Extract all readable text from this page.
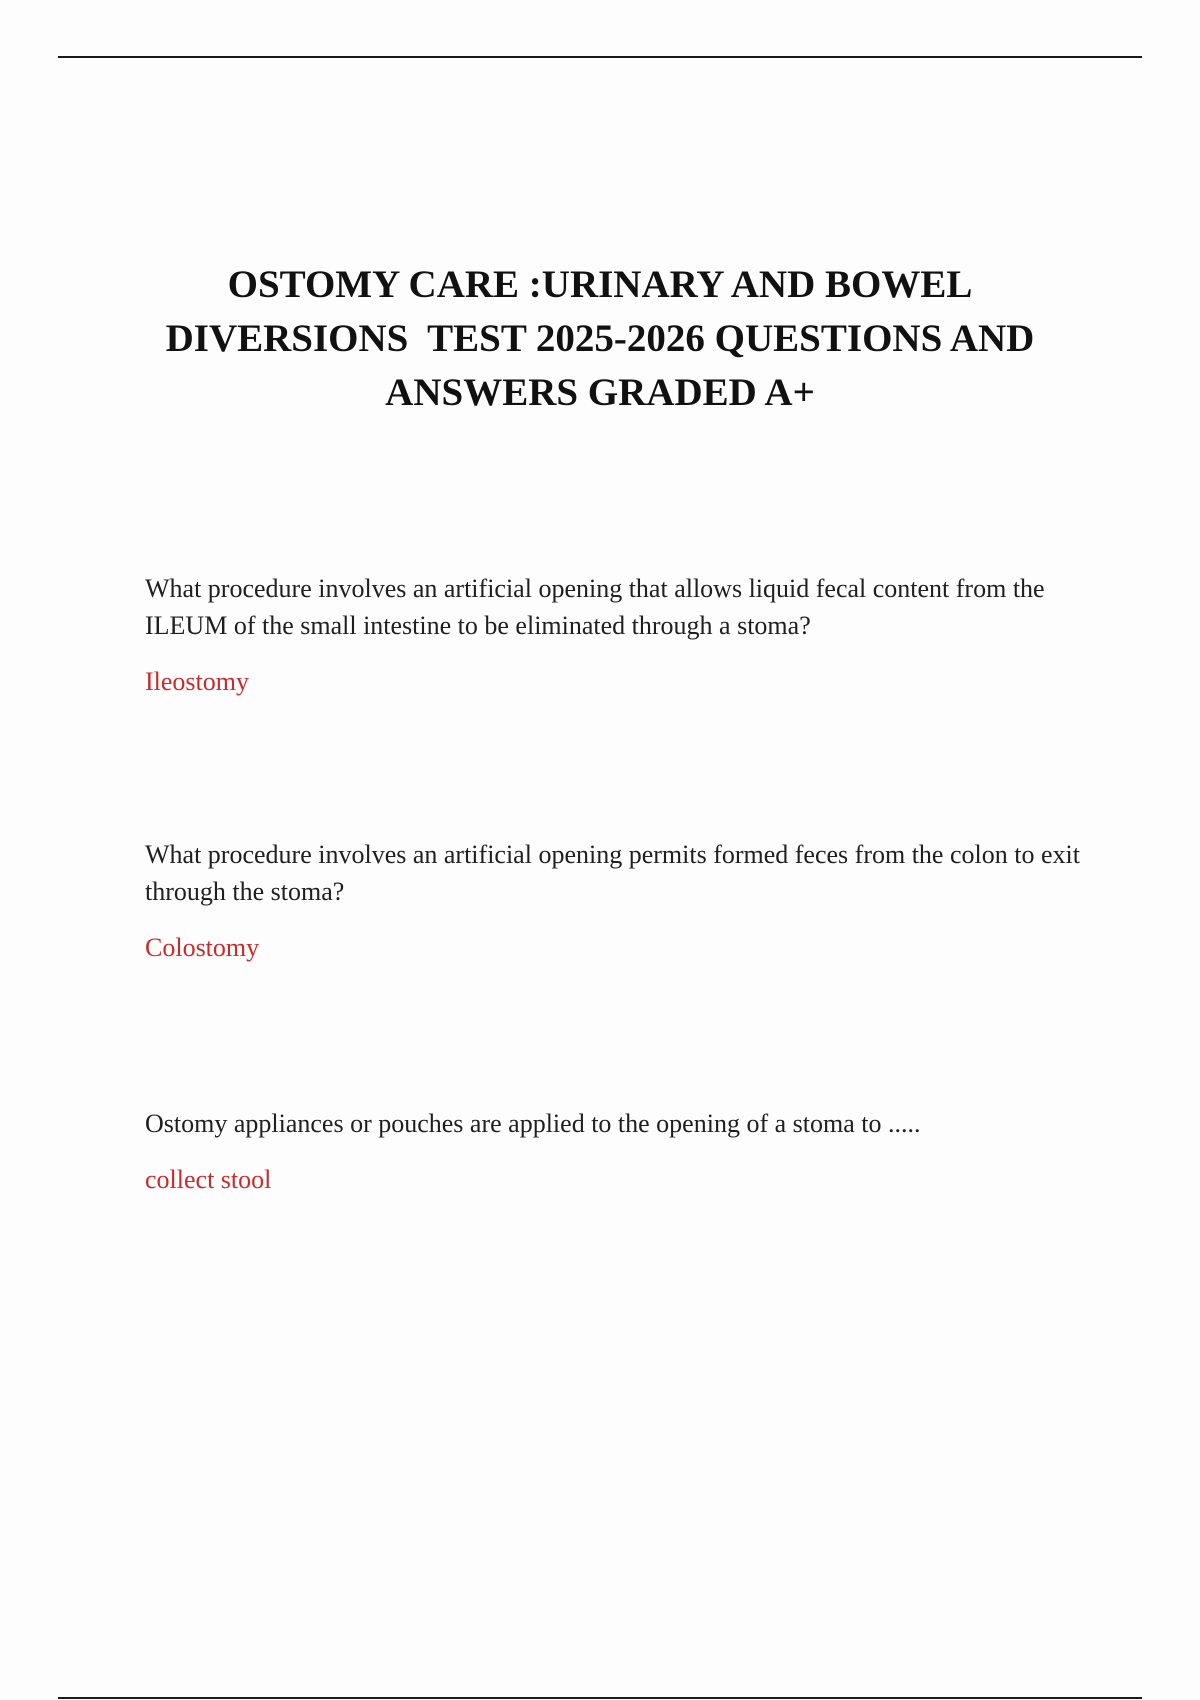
OSTOMY CARE :URINARY AND BOWEL
DIVERSIONS  TEST 2025-2026 QUESTIONS AND
ANSWERS GRADED A+

What procedure involves an artificial opening that allows liquid fecal content from the ILEUM of the small intestine to be eliminated through a stoma?

Ileostomy

What procedure involves an artificial opening permits formed feces from the colon to exit through the stoma?

Colostomy

Ostomy appliances or pouches are applied to the opening of a stoma to .....

collect stool
